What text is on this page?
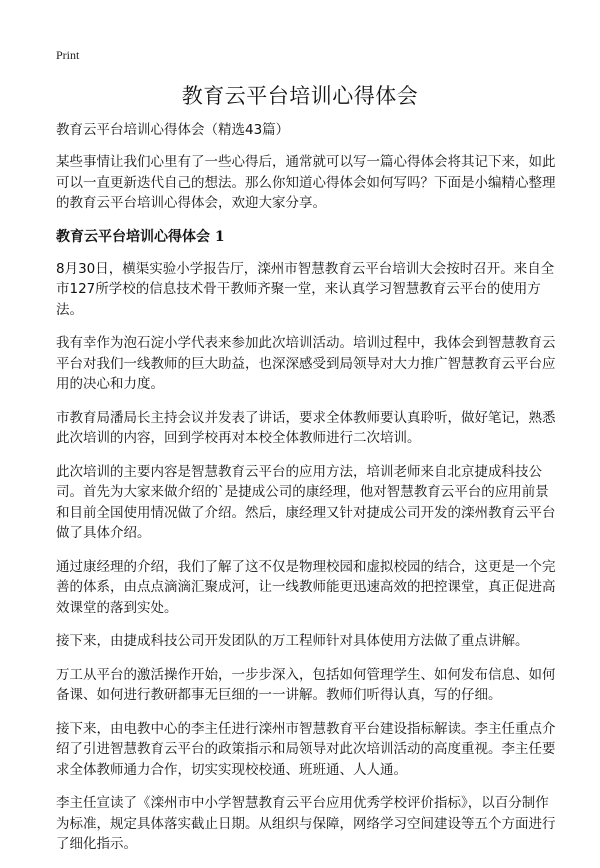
Print
教育云平台培训心得体会

教育云平台培训心得体会（精选43篇）

某些事情让我们心里有了一些心得后，通常就可以写一篇心得体会将其记下来，如此可以一直更新迭代自己的想法。那么你知道心得体会如何写吗？下面是小编精心整理的教育云平台培训心得体会，欢迎大家分享。

教育云平台培训心得体会 1

8月30日，横渠实验小学报告厅，滦州市智慧教育云平台培训大会按时召开。来自全市127所学校的信息技术骨干教师齐聚一堂，来认真学习智慧教育云平台的使用方法。

我有幸作为泡石淀小学代表来参加此次培训活动。培训过程中，我体会到智慧教育云平台对我们一线教师的巨大助益，也深深感受到局领导对大力推广智慧教育云平台应用的决心和力度。

市教育局潘局长主持会议并发表了讲话，要求全体教师要认真聆听，做好笔记，熟悉此次培训的内容，回到学校再对本校全体教师进行二次培训。

此次培训的主要内容是智慧教育云平台的应用方法，培训老师来自北京捷成科技公司。首先为大家来做介绍的`是捷成公司的康经理，他对智慧教育云平台的应用前景和目前全国使用情况做了介绍。然后，康经理又针对捷成公司开发的滦州教育云平台做了具体介绍。

通过康经理的介绍，我们了解了这不仅是物理校园和虚拟校园的结合，这更是一个完善的体系，由点点滴滴汇聚成河，让一线教师能更迅速高效的把控课堂，真正促进高效课堂的落到实处。

接下来，由捷成科技公司开发团队的万工程师针对具体使用方法做了重点讲解。

万工从平台的激活操作开始，一步步深入，包括如何管理学生、如何发布信息、如何备课、如何进行教研都事无巨细的一一讲解。教师们听得认真，写的仔细。

接下来，由电教中心的李主任进行滦州市智慧教育平台建设指标解读。李主任重点介绍了引进智慧教育云平台的政策指示和局领导对此次培训活动的高度重视。李主任要求全体教师通力合作，切实实现校校通、班班通、人人通。

李主任宣读了《滦州市中小学智慧教育云平台应用优秀学校评价指标》，以百分制作为标准，规定具体落实截止日期。从组织与保障，网络学习空间建设等五个方面进行了细化指示。
